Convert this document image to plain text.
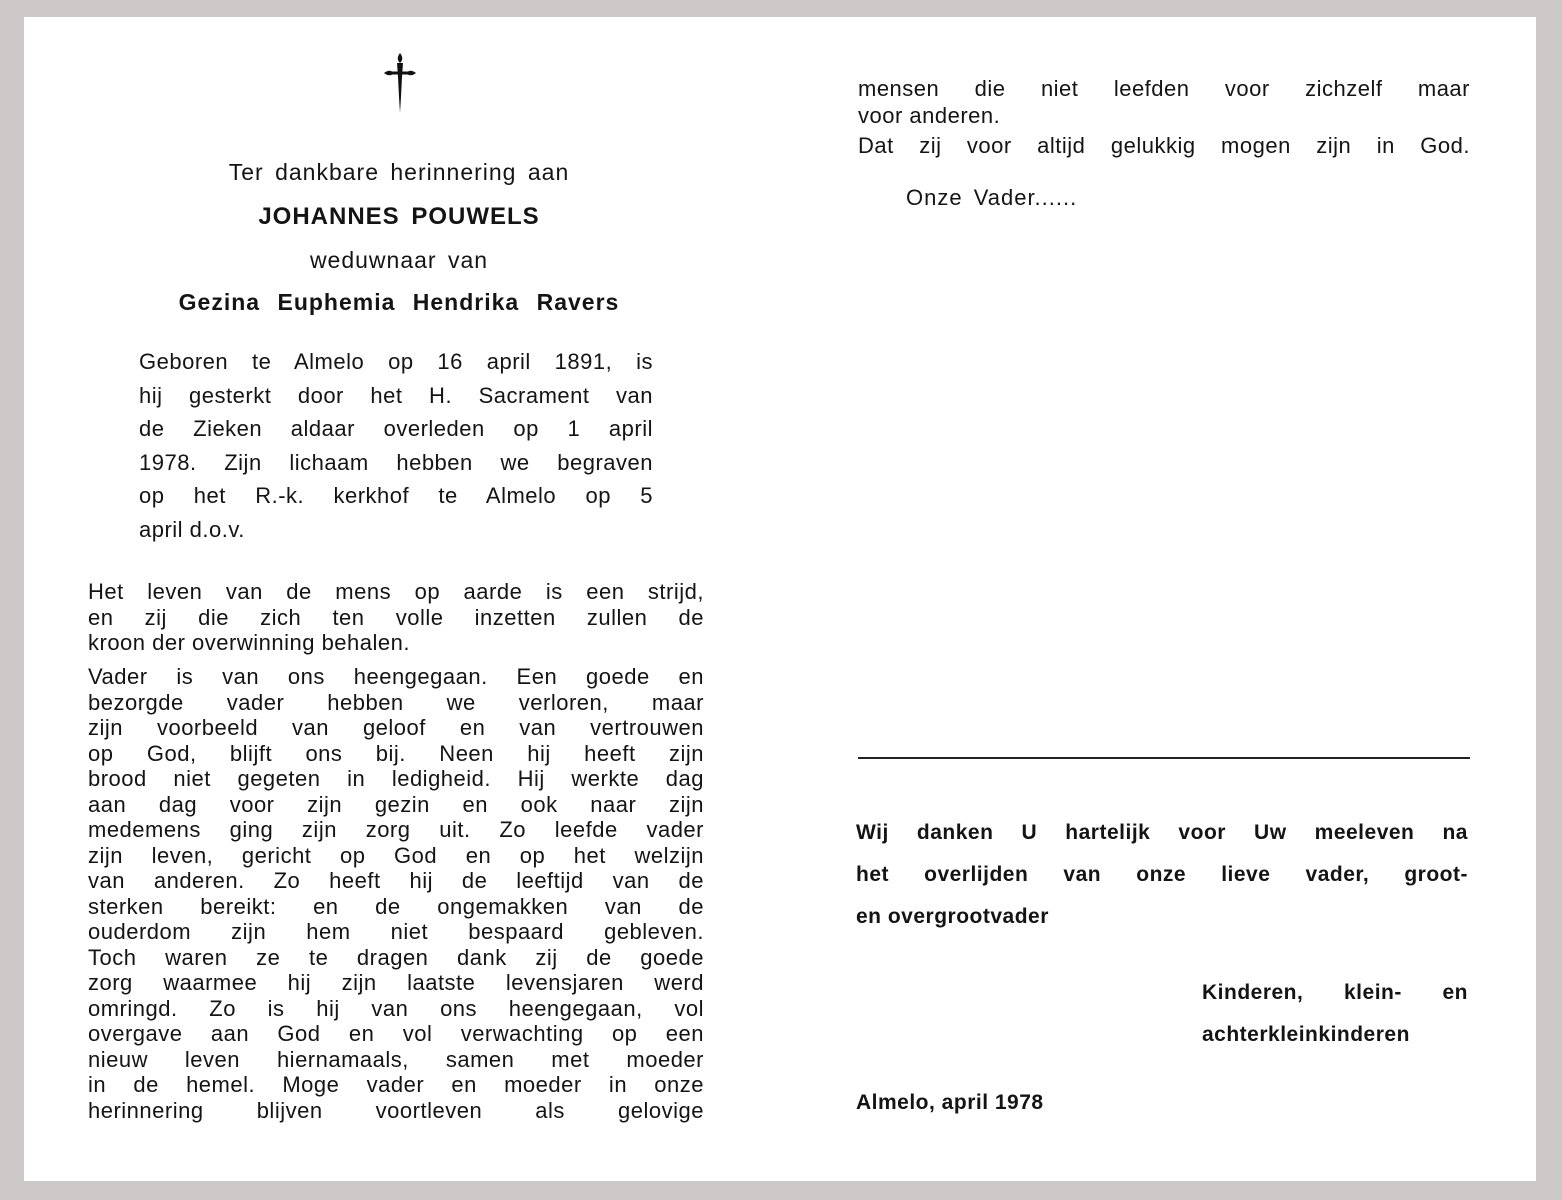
Ter dankbare herinnering aan
JOHANNES POUWELS
weduwnaar van
Gezina Euphemia Hendrika Ravers
Geboren te Almelo op 16 april 1891, is
hij gesterkt door het H. Sacrament van
de Zieken aldaar overleden op 1 april
1978. Zijn lichaam hebben we begraven
op het R.-k. kerkhof te Almelo op 5
april d.o.v.
Het leven van de mens op aarde is een strijd,
en zij die zich ten volle inzetten zullen de
kroon der overwinning behalen.
Vader is van ons heengegaan. Een goede en
bezorgde vader hebben we verloren, maar
zijn voorbeeld van geloof en van vertrouwen
op God, blijft ons bij. Neen hij heeft zijn
brood niet gegeten in ledigheid. Hij werkte dag
aan dag voor zijn gezin en ook naar zijn
medemens ging zijn zorg uit. Zo leefde vader
zijn leven, gericht op God en op het welzijn
van anderen. Zo heeft hij de leeftijd van de
sterken bereikt: en de ongemakken van de
ouderdom zijn hem niet bespaard gebleven.
Toch waren ze te dragen dank zij de goede
zorg waarmee hij zijn laatste levensjaren werd
omringd. Zo is hij van ons heengegaan, vol
overgave aan God en vol verwachting op een
nieuw leven hiernamaals, samen met moeder
in de hemel. Moge vader en moeder in onze
herinnering blijven voortleven als gelovige
mensen die niet leefden voor zichzelf maar
voor anderen.
Dat zij voor altijd gelukkig mogen zijn in God.
Onze Vader......
Wij danken U hartelijk voor Uw meeleven na
het overlijden van onze lieve vader, groot-
en overgrootvader
Kinderen, klein- en
achterkleinkinderen
Almelo, april 1978
